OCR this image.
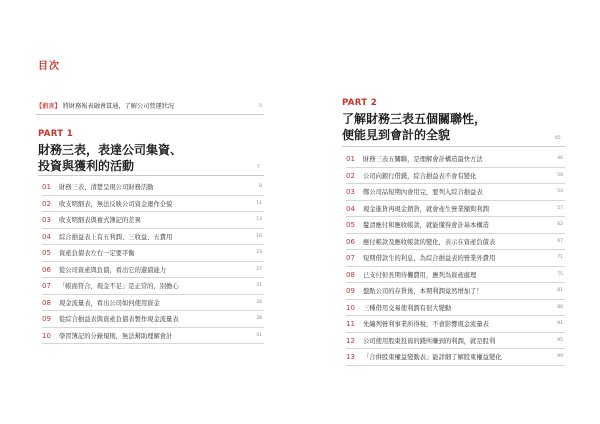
目次
【前言】 將財務報表融會貫通，了解公司營運狀況	5
PART 1
財務三表，表達公司集資、
投資與獲利的活動	7
01 財務三表，清楚呈現公司財務活動	8
02 收支明細表，無法反映公司資金運作全貌	11
03 收支明細表與複式簿記的差異	13
04 綜合損益表上有五利潤、三收益、五費用	16
05 資產負債表左右一定要平衡	23
06 從公司資產與負債，看出它的還債能力	27
07 「帳面符合，現金不足」是正常的，別擔心	31
08 現金流量表，看出公司如何使用資金	34
09 從綜合損益表與資產負債表製作現金流量表	38
10 學習簿記的分錄規則，無法幫助理解會計	41
PART 2
了解財務三表五個關聯性，
便能見到會計的全貌	45
01 財務三表五關聯，是理解會計構造最快方法	46
02 公司向銀行借錢，綜合損益表不會有變化	50
03 鄭公司品短期內會用完，要列入綜合損益表	54
04 現金進貨再現金銷貨，就會產生營業額與利潤	57
05 釐清應付和應收帳款，就能懂得會計基本構造	62
06 應付帳款及應收帳款的變化，表示在資產負債表	67
07 短期借款生的利息，為綜合損益表的營業外費用	71
08 已支付但長期待攤費用，應列為資產處理	75
09 盤點公司的存貨後，本期利潤竟然增加了！	81
10 三種借用交易使利潤有很大變動	86
11 先編列營利事業所得稅，不會影響現金流量表	91
12 公司使用股東投資的錢所賺到的利潤，就是股利	95
13 「合併股東權益變動表」能詳細了解股東權益變化	99
